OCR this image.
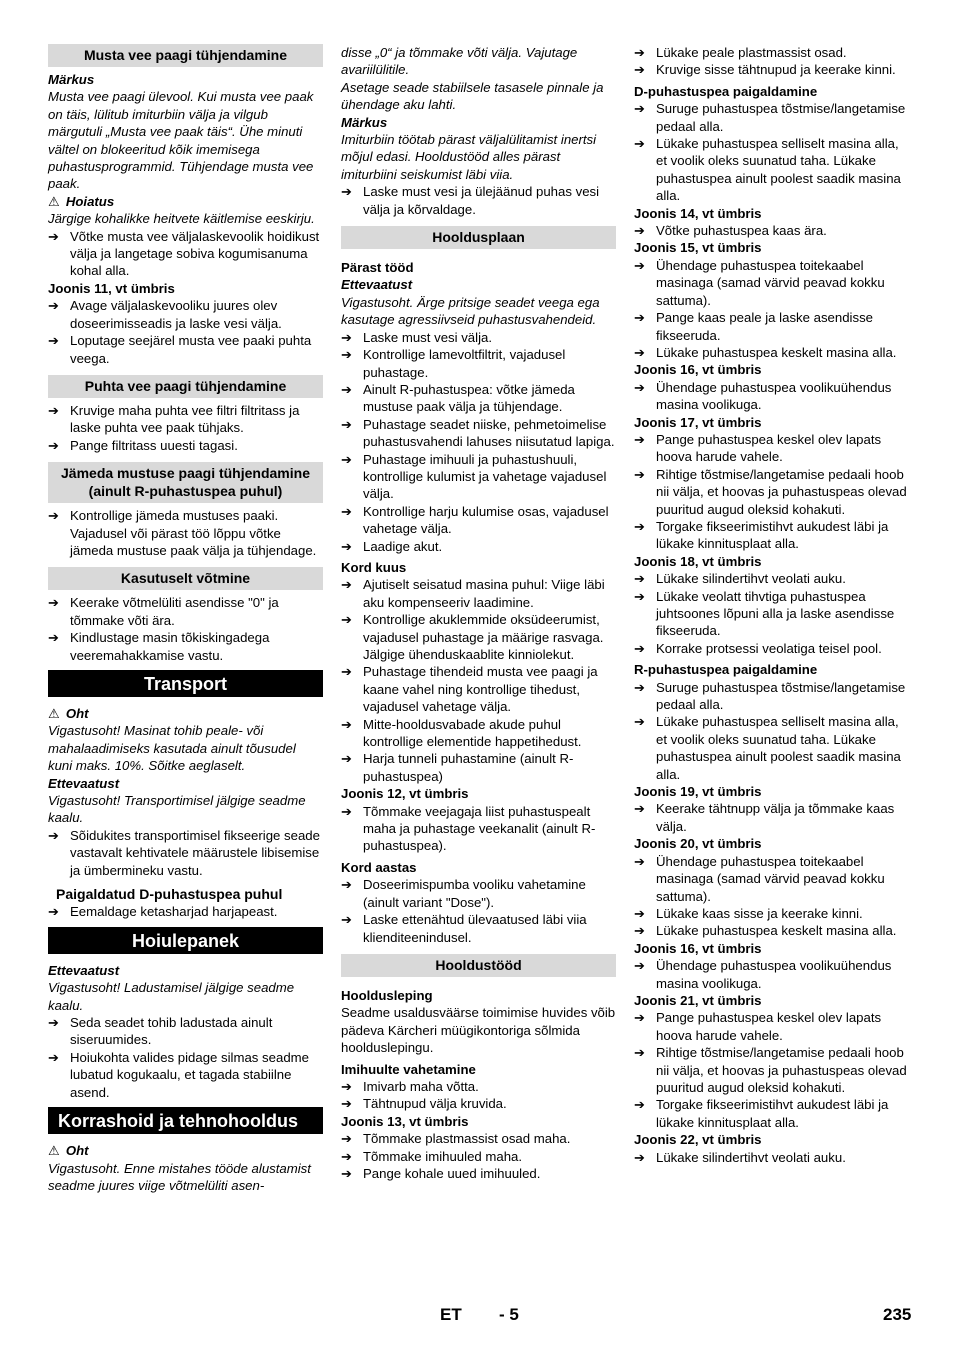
Musta vee paagi tühjendamine

Märkus

Musta vee paagi ülevool. Kui musta vee paak on täis, lülitub imiturbiin välja ja vilgub märgutuli „Musta vee paak täis“. Ühe minuti vältel on blokeeritud kõik imemisega puhastusprogrammid. Tühjendage musta vee paak.

⚠ Hoiatus

Järgige kohalikke heitvete käitlemise eeskirju.

➔ Võtke musta vee väljalaskevoolik hoidikust välja ja langetage sobiva kogumisanuma kohal alla.

Joonis 11, vt ümbris

➔ Avage väljalaskevooliku juures olev doseerimisseadis ja laske vesi välja.

➔ Loputage seejärel musta vee paaki puhta veega.

Puhta vee paagi tühjendamine

➔ Kruvige maha puhta vee filtri filtritass ja laske puhta vee paak tühjaks.

➔ Pange filtritass uuesti tagasi.

Jämeda mustuse paagi tühjendamine (ainult R-puhastuspea puhul)

➔ Kontrollige jämeda mustuses paaki. Vajadusel või pärast töö lõppu võtke jämeda mustuse paak välja ja tühjendage.

Kasutuselt võtmine

➔ Keerake võtmelüliti asendisse "0" ja tõmmake võti ära.

➔ Kindlustage masin tõkiskingadega veeremahakkamise vastu.

Transport

⚠ Oht

Vigastusoht! Masinat tohib peale- või mahalaadimiseks kasutada ainult tõusudel kuni maks. 10%. Sõitke aeglaselt.

Ettevaatust

Vigastusoht! Transportimisel jälgige seadme kaalu.

➔ Sõidukites transportimisel fikseerige seade vastavalt kehtivatele määrustele libisemise ja ümbermineku vastu.

Paigaldatud D-puhastuspea puhul

➔ Eemaldage ketasharjad harjapeast.

Hoiulepanek

Ettevaatust

Vigastusoht! Ladustamisel jälgige seadme kaalu.

➔ Seda seadet tohib ladustada ainult siseruumides.

➔ Hoiukohta valides pidage silmas seadme lubatud kogukaalu, et tagada stabiilne asend.

Korrashoid ja tehnohooldus

⚠ Oht

Vigastusoht. Enne mistahes tööde alustamist seadme juures viige võtmelüliti asen-

disse „0“ ja tõmmake võti välja. Vajutage avariilülitile.

Asetage seade stabiilsele tasasele pinnale ja ühendage aku lahti.

Märkus

Imiturbiin töötab pärast väljalülitamist inertsi mõjul edasi. Hooldustööd alles pärast imiturbiini seiskumist läbi viia.

➔ Laske must vesi ja ülejäänud puhas vesi välja ja kõrvaldage.

Hooldusplaan

Pärast tööd

Ettevaatust

Vigastusoht. Ärge pritsige seadet veega ega kasutage agressiivseid puhastusvahendeid.

➔ Laske must vesi välja.

➔ Kontrollige lamevoltfiltrit, vajadusel puhastage.

➔ Ainult R-puhastuspea: võtke jämeda mustuse paak välja ja tühjendage.

➔ Puhastage seadet niiske, pehmetoimelise puhastusvahendi lahuses niisutatud lapiga.

➔ Puhastage imihuuli ja puhastushuuli, kontrollige kulumist ja vahetage vajadusel välja.

➔ Kontrollige harju kulumise osas, vajadusel vahetage välja.

➔ Laadige akut.

Kord kuus

➔ Ajutiselt seisatud masina puhul: Viige läbi aku kompenseeriv laadimine.

➔ Kontrollige akuklemmide oksüdeerumist, vajadusel puhastage ja määrige rasvaga. Jälgige ühenduskaablite kinniolekut.

➔ Puhastage tihendeid musta vee paagi ja kaane vahel ning kontrollige tihedust, vajadusel vahetage välja.

➔ Mitte-hooldusvabade akude puhul kontrollige elementide happetihedust.

➔ Harja tunneli puhastamine (ainult R-puhastuspea)

Joonis 12, vt ümbris

➔ Tõmmake veejagaja liist puhastuspealt maha ja puhastage veekanalit (ainult R-puhastuspea).

Kord aastas

➔ Doseerimispumba vooliku vahetamine (ainult variant "Dose").

➔ Laske ettenähtud ülevaatused läbi viia klienditeenindusel.

Hooldustööd

Hooldusleping

Seadme usaldusväärse toimimise huvides võib pädeva Kärcheri müügikontoriga sõlmida hoolduslepingu.

Imihuulte vahetamine

➔ Imivarb maha võtta.

➔ Tähtnupud välja kruvida.

Joonis 13, vt ümbris

➔ Tõmmake plastmassist osad maha.

➔ Tõmmake imihuuled maha.

➔ Pange kohale uued imihuuled.

➔ Lükake peale plastmassist osad.

➔ Kruvige sisse tähtnupud ja keerake kinni.

D-puhastuspea paigaldamine

➔ Suruge puhastuspea tõstmise/langetamise pedaal alla.

➔ Lükake puhastuspea selliselt masina alla, et voolik oleks suunatud taha. Lükake puhastuspea ainult poolest saadik masina alla.

Joonis 14, vt ümbris

➔ Võtke puhastuspea kaas ära.

Joonis 15, vt ümbris

➔ Ühendage puhastuspea toitekaabel masinaga (samad värvid peavad kokku sattuma).

➔ Pange kaas peale ja laske asendisse fikseeruda.

➔ Lükake puhastuspea keskelt masina alla.

Joonis 16, vt ümbris

➔ Ühendage puhastuspea voolikuühendus masina voolikuga.

Joonis 17, vt ümbris

➔ Pange puhastuspea keskel olev lapats hoova harude vahele.

➔ Rihtige tõstmise/langetamise pedaali hoob nii välja, et hoovas ja puhastuspeas olevad puuritud augud oleksid kohakuti.

➔ Torgake fikseerimistihvt aukudest läbi ja lükake kinnitusplaat alla.

Joonis 18, vt ümbris

➔ Lükake silindertihvt veolati auku.

➔ Lükake veolatt tihvtiga puhastuspea juhtsoones lõpuni alla ja laske asendisse fikseeruda.

➔ Korrake protsessi veolatiga teisel pool.

R-puhastuspea paigaldamine

➔ Suruge puhastuspea tõstmise/langetamise pedaal alla.

➔ Lükake puhastuspea selliselt masina alla, et voolik oleks suunatud taha. Lükake puhastuspea ainult poolest saadik masina alla.

Joonis 19, vt ümbris

➔ Keerake tähtnupp välja ja tõmmake kaas välja.

Joonis 20, vt ümbris

➔ Ühendage puhastuspea toitekaabel masinaga (samad värvid peavad kokku sattuma).

➔ Lükake kaas sisse ja keerake kinni.

➔ Lükake puhastuspea keskelt masina alla.

Joonis 16, vt ümbris

➔ Ühendage puhastuspea voolikuühendus masina voolikuga.

Joonis 21, vt ümbris

➔ Pange puhastuspea keskel olev lapats hoova harude vahele.

➔ Rihtige tõstmise/langetamise pedaali hoob nii välja, et hoovas ja puhastuspeas olevad puuritud augud oleksid kohakuti.

➔ Torgake fikseerimistihvt aukudest läbi ja lükake kinnitusplaat alla.

Joonis 22, vt ümbris

➔ Lükake silindertihvt veolati auku.

ET - 5	235
